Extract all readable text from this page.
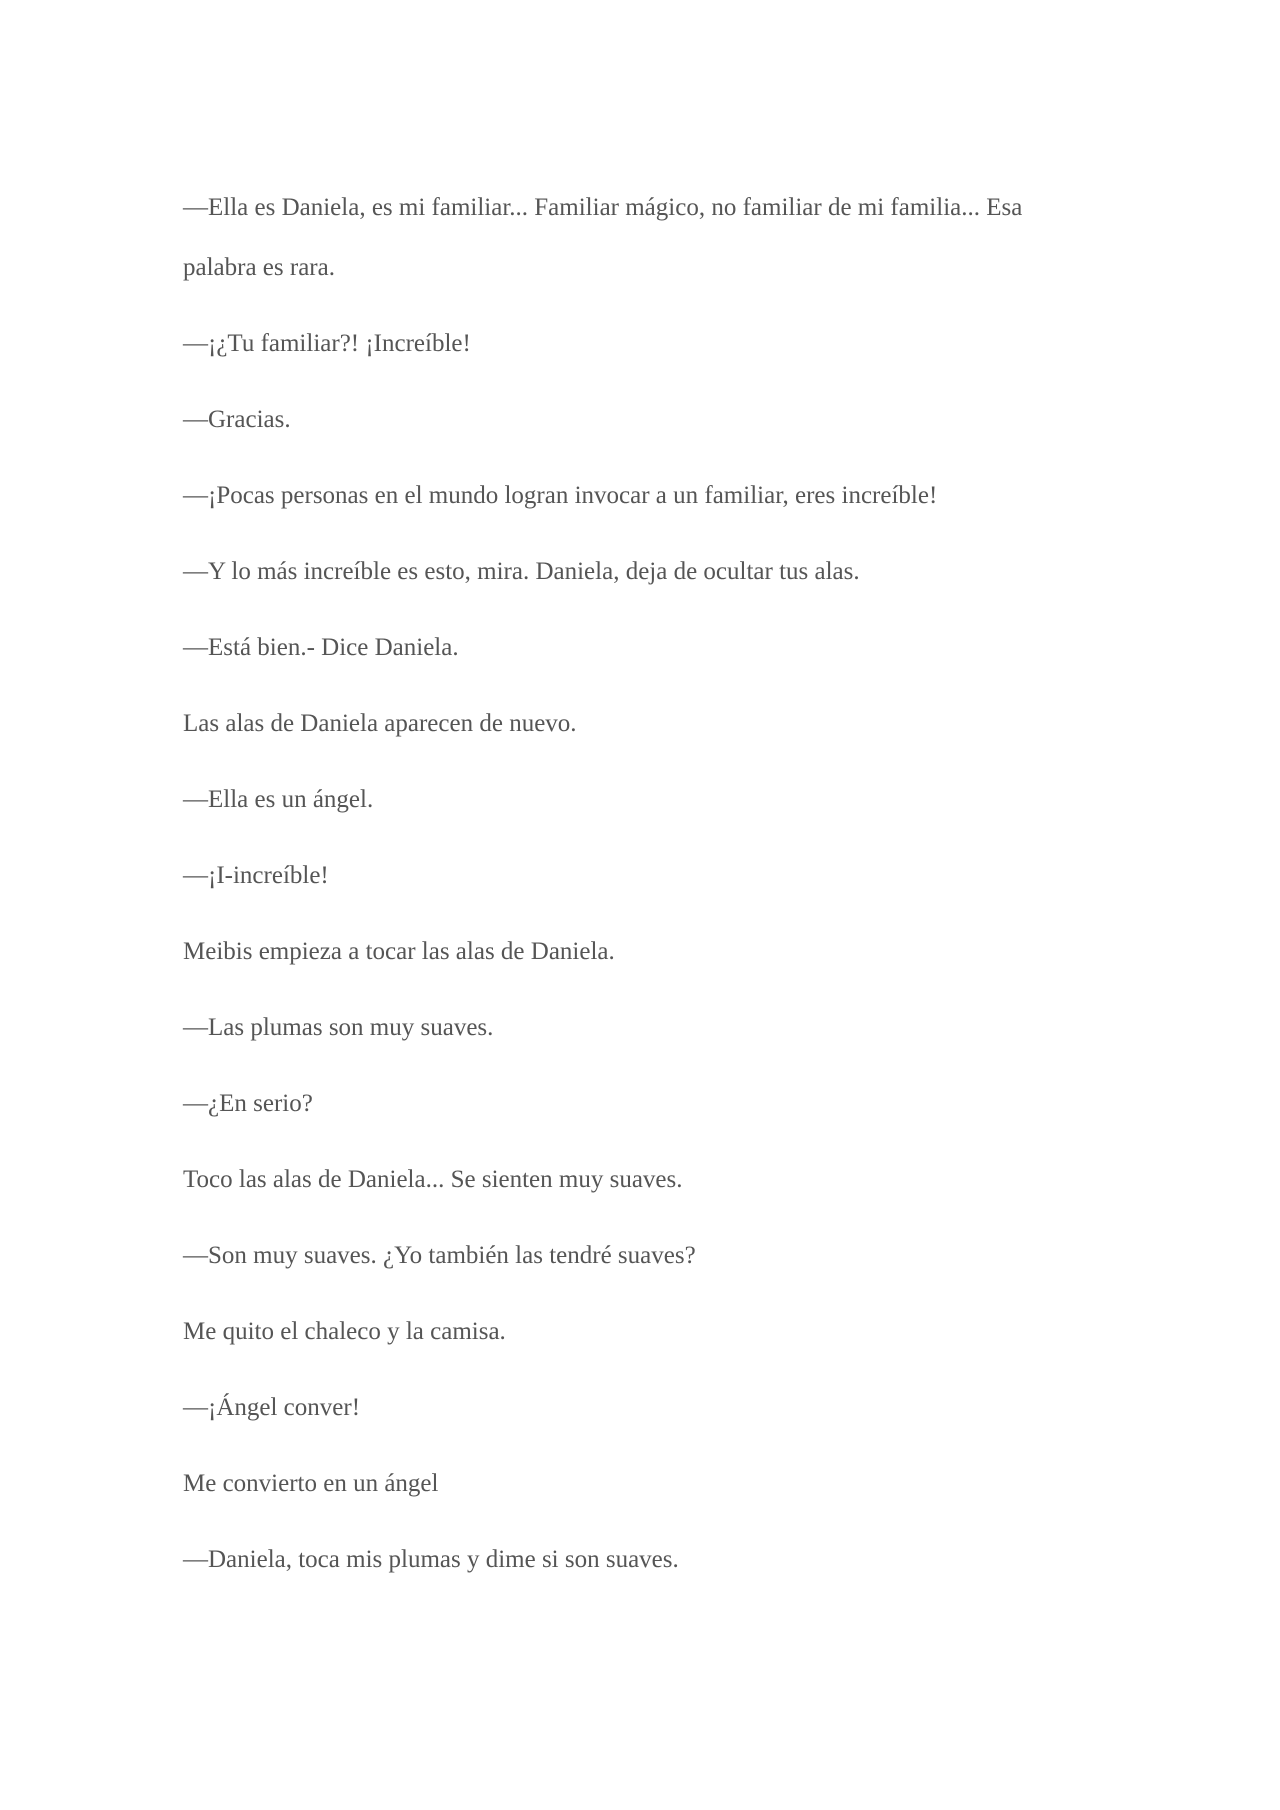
—Ella es Daniela, es mi familiar... Familiar mágico, no familiar de mi familia... Esa palabra es rara.

—¡¿Tu familiar?! ¡Increíble!

—Gracias.

—¡Pocas personas en el mundo logran invocar a un familiar, eres increíble!

—Y lo más increíble es esto, mira. Daniela, deja de ocultar tus alas.

—Está bien.- Dice Daniela.

Las alas de Daniela aparecen de nuevo.

—Ella es un ángel.

—¡I-increíble!

Meibis empieza a tocar las alas de Daniela.

—Las plumas son muy suaves.

—¿En serio?

Toco las alas de Daniela... Se sienten muy suaves.

—Son muy suaves. ¿Yo también las tendré suaves?

Me quito el chaleco y la camisa.

—¡Ángel conver!

Me convierto en un ángel

—Daniela, toca mis plumas y dime si son suaves.
